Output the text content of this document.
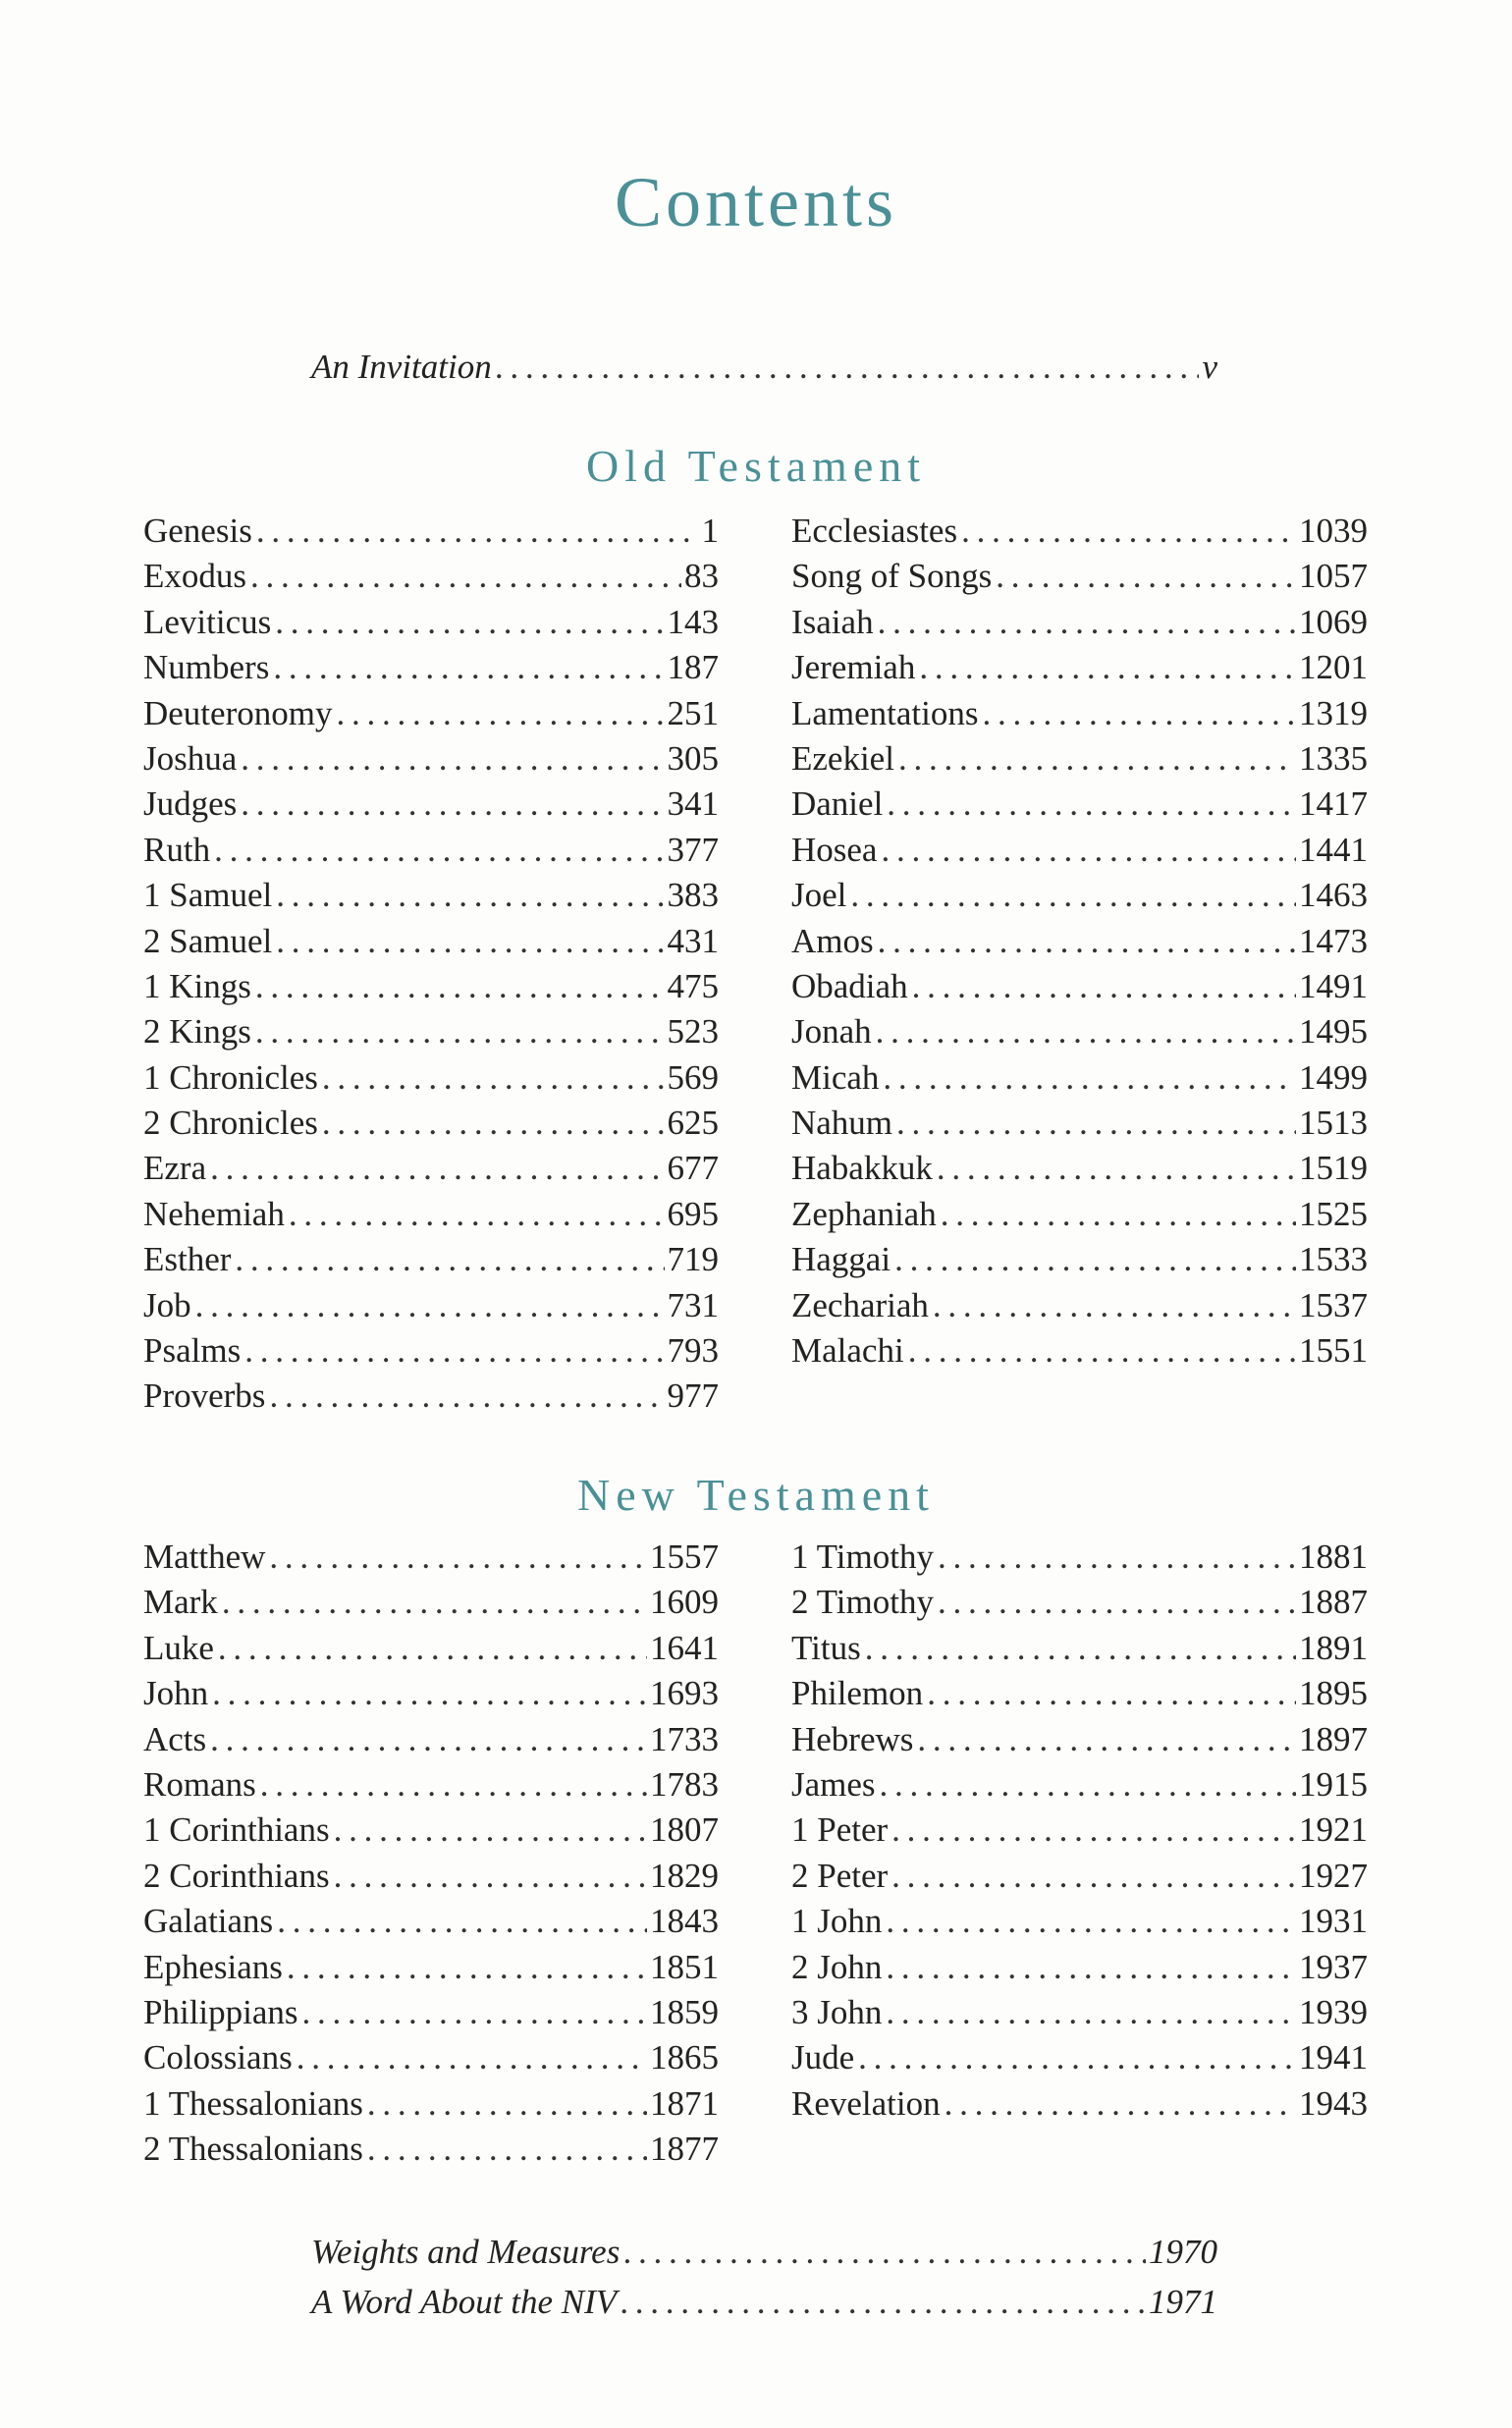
Contents
An Invitation . . .	v
Old Testament
Genesis . . .	1
Exodus . . .	83
Leviticus . . .	143
Numbers . . .	187
Deuteronomy . . .	251
Joshua . . .	305
Judges . . .	341
Ruth . . .	377
1 Samuel . . .	383
2 Samuel . . .	431
1 Kings . . .	475
2 Kings . . .	523
1 Chronicles . . .	569
2 Chronicles . . .	625
Ezra . . .	677
Nehemiah . . .	695
Esther . . .	719
Job . . .	731
Psalms . . .	793
Proverbs . . .	977
Ecclesiastes . . .	1039
Song of Songs . . .	1057
Isaiah . . .	1069
Jeremiah . . .	1201
Lamentations . . .	1319
Ezekiel . . .	1335
Daniel . . .	1417
Hosea . . .	1441
Joel . . .	1463
Amos . . .	1473
Obadiah . . .	1491
Jonah . . .	1495
Micah . . .	1499
Nahum . . .	1513
Habakkuk . . .	1519
Zephaniah . . .	1525
Haggai . . .	1533
Zechariah . . .	1537
Malachi . . .	1551
New Testament
Matthew . . .	1557
Mark . . .	1609
Luke . . .	1641
John . . .	1693
Acts . . .	1733
Romans . . .	1783
1 Corinthians . . .	1807
2 Corinthians . . .	1829
Galatians . . .	1843
Ephesians . . .	1851
Philippians . . .	1859
Colossians . . .	1865
1 Thessalonians . . .	1871
2 Thessalonians . . .	1877
1 Timothy . . .	1881
2 Timothy . . .	1887
Titus . . .	1891
Philemon . . .	1895
Hebrews . . .	1897
James . . .	1915
1 Peter . . .	1921
2 Peter . . .	1927
1 John . . .	1931
2 John . . .	1937
3 John . . .	1939
Jude . . .	1941
Revelation . . .	1943
Weights and Measures . . .	1970
A Word About the NIV . . .	1971
